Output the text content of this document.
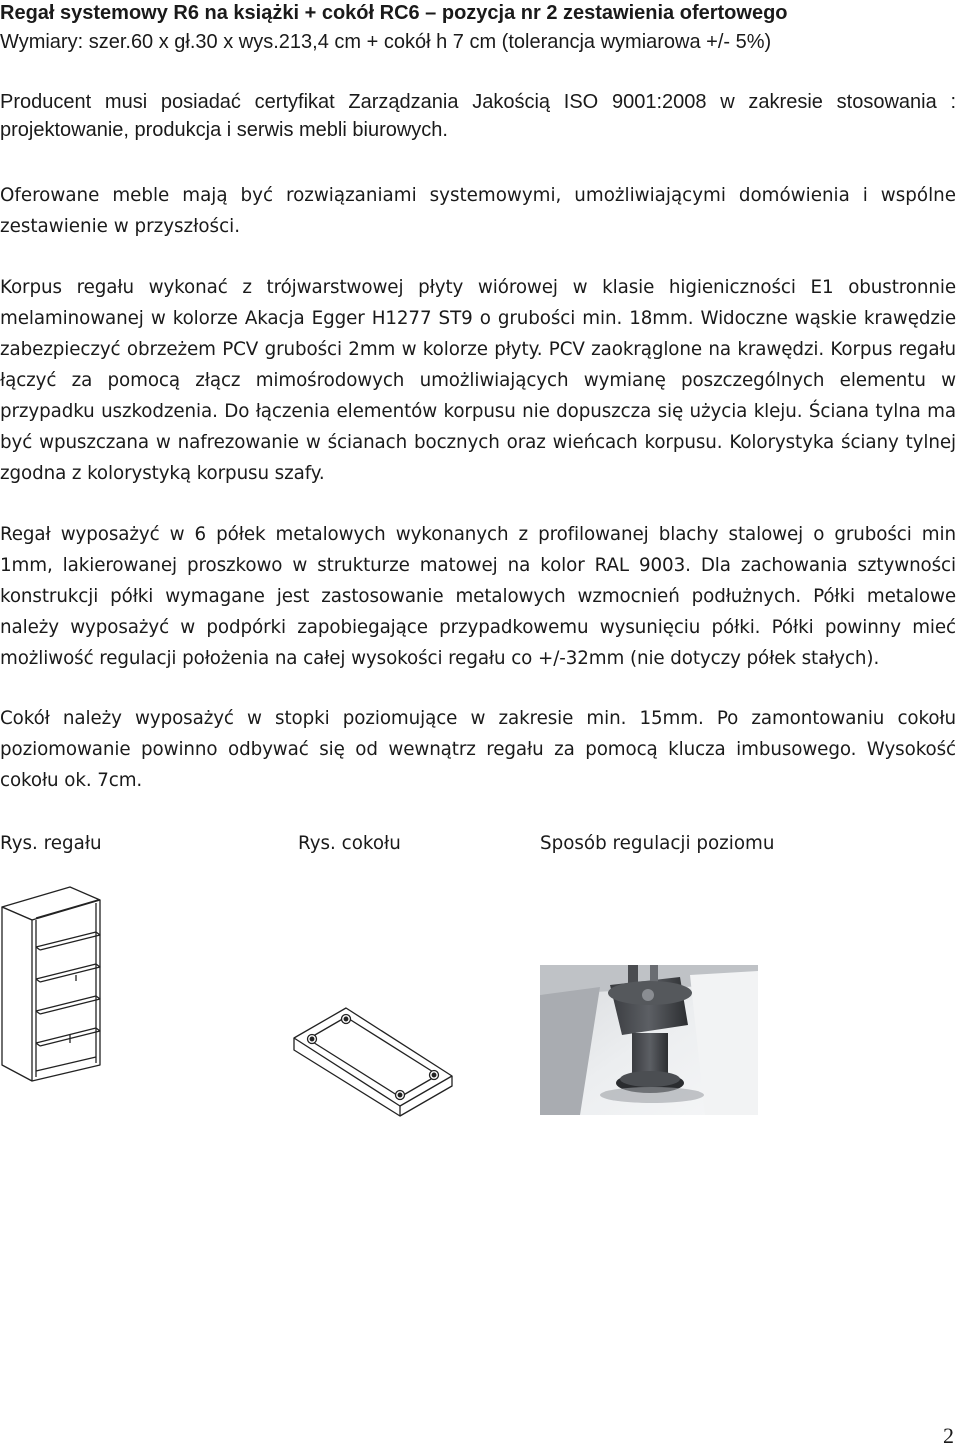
Regał systemowy R6 na książki + cokół RC6 – pozycja nr 2 zestawienia ofertowego
Wymiary: szer.60 x gł.30 x wys.213,4 cm + cokół h 7 cm (tolerancja wymiarowa +/- 5%)
Producent musi posiadać certyfikat Zarządzania Jakością ISO 9001:2008 w zakresie stosowania : projektowanie, produkcja i serwis mebli biurowych.
Oferowane meble mają być rozwiązaniami systemowymi, umożliwiającymi domówienia i wspólne zestawienie w przyszłości.
Korpus regału wykonać z trójwarstwowej płyty wiórowej w klasie higieniczności E1 obustronnie melaminowanej w kolorze Akacja Egger H1277 ST9 o grubości min. 18mm. Widoczne wąskie krawędzie zabezpieczyć obrzeżem PCV grubości 2mm w kolorze płyty. PCV zaokrąglone na krawędzi. Korpus regału łączyć za pomocą złącz mimośrodowych umożliwiających wymianę poszczególnych elementu w przypadku uszkodzenia. Do łączenia elementów korpusu nie dopuszcza się użycia kleju. Ściana tylna ma być wpuszczana w nafrezowanie w ścianach bocznych oraz wieńcach korpusu. Kolorystyka ściany tylnej zgodna z kolorystyką korpusu szafy.
Regał wyposażyć w 6 półek metalowych wykonanych z profilowanej blachy stalowej o grubości min 1mm, lakierowanej proszkowo w strukturze matowej na kolor RAL 9003. Dla zachowania sztywności konstrukcji półki wymagane jest zastosowanie metalowych wzmocnień podłużnych. Półki metalowe należy wyposażyć w podpórki zapobiegające przypadkowemu wysunięciu półki. Półki powinny mieć możliwość regulacji położenia na całej wysokości regału co +/-32mm (nie dotyczy półek stałych).
Cokół należy wyposażyć w stopki poziomujące w zakresie min. 15mm. Po zamontowaniu cokołu poziomowanie powinno odbywać się od wewnątrz regału za pomocą klucza imbusowego. Wysokość cokołu ok. 7cm.
Rys. regału	Rys. cokołu	Sposób regulacji poziomu
2
